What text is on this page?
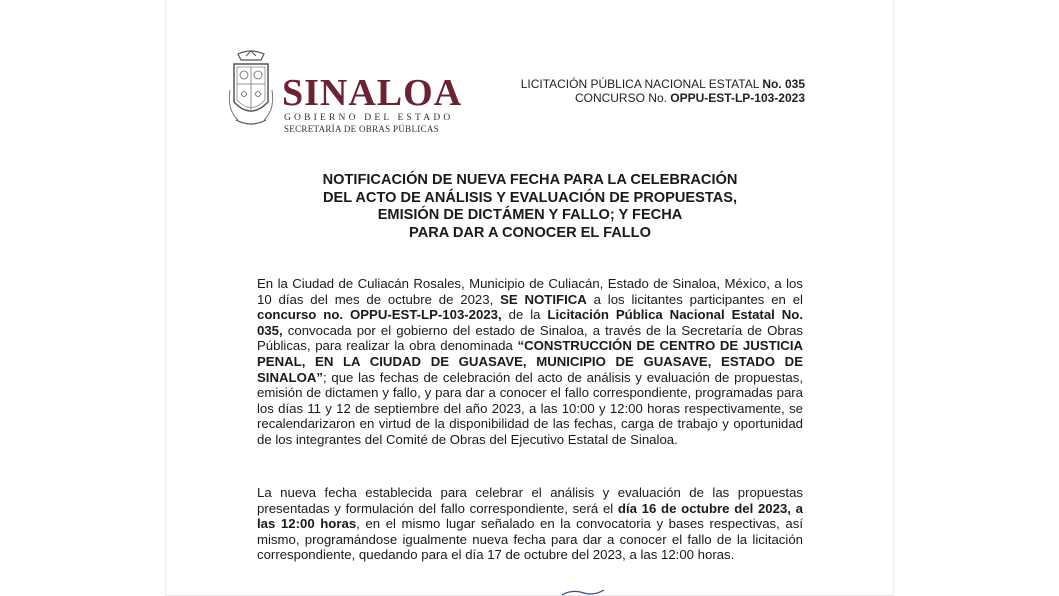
SINALOA
GOBIERNO DEL ESTADO
SECRETARÍA DE OBRAS PÚBLICAS
LICITACIÓN PÚBLICA NACIONAL ESTATAL No. 035
CONCURSO No. OPPU-EST-LP-103-2023
NOTIFICACIÓN DE NUEVA FECHA PARA LA CELEBRACIÓN
DEL ACTO DE ANÁLISIS Y EVALUACIÓN DE PROPUESTAS,
EMISIÓN DE DICTÁMEN Y FALLO; Y FECHA
PARA DAR A CONOCER EL FALLO
En la Ciudad de Culiacán Rosales, Municipio de Culiacán, Estado de Sinaloa, México, a los 10 días del mes de octubre de 2023, SE NOTIFICA a los licitantes participantes en el concurso no. OPPU-EST-LP-103-2023, de la Licitación Pública Nacional Estatal No. 035, convocada por el gobierno del estado de Sinaloa, a través de la Secretaría de Obras Públicas, para realizar la obra denominada “CONSTRUCCIÓN DE CENTRO DE JUSTICIA PENAL, EN LA CIUDAD DE GUASAVE, MUNICIPIO DE GUASAVE, ESTADO DE SINALOA”; que las fechas de celebración del acto de análisis y evaluación de propuestas, emisión de dictamen y fallo, y para dar a conocer el fallo correspondiente, programadas para los días 11 y 12 de septiembre del año 2023, a las 10:00 y 12:00 horas respectivamente, se recalendarizaron en virtud de la disponibilidad de las fechas, carga de trabajo y oportunidad de los integrantes del Comité de Obras del Ejecutivo Estatal de Sinaloa.
La nueva fecha establecida para celebrar el análisis y evaluación de las propuestas presentadas y formulación del fallo correspondiente, será el día 16 de octubre del 2023, a las 12:00 horas, en el mismo lugar señalado en la convocatoria y bases respectivas, así mismo, programándose igualmente nueva fecha para dar a conocer el fallo de la licitación correspondiente, quedando para el día 17 de octubre del 2023, a las 12:00 horas.
